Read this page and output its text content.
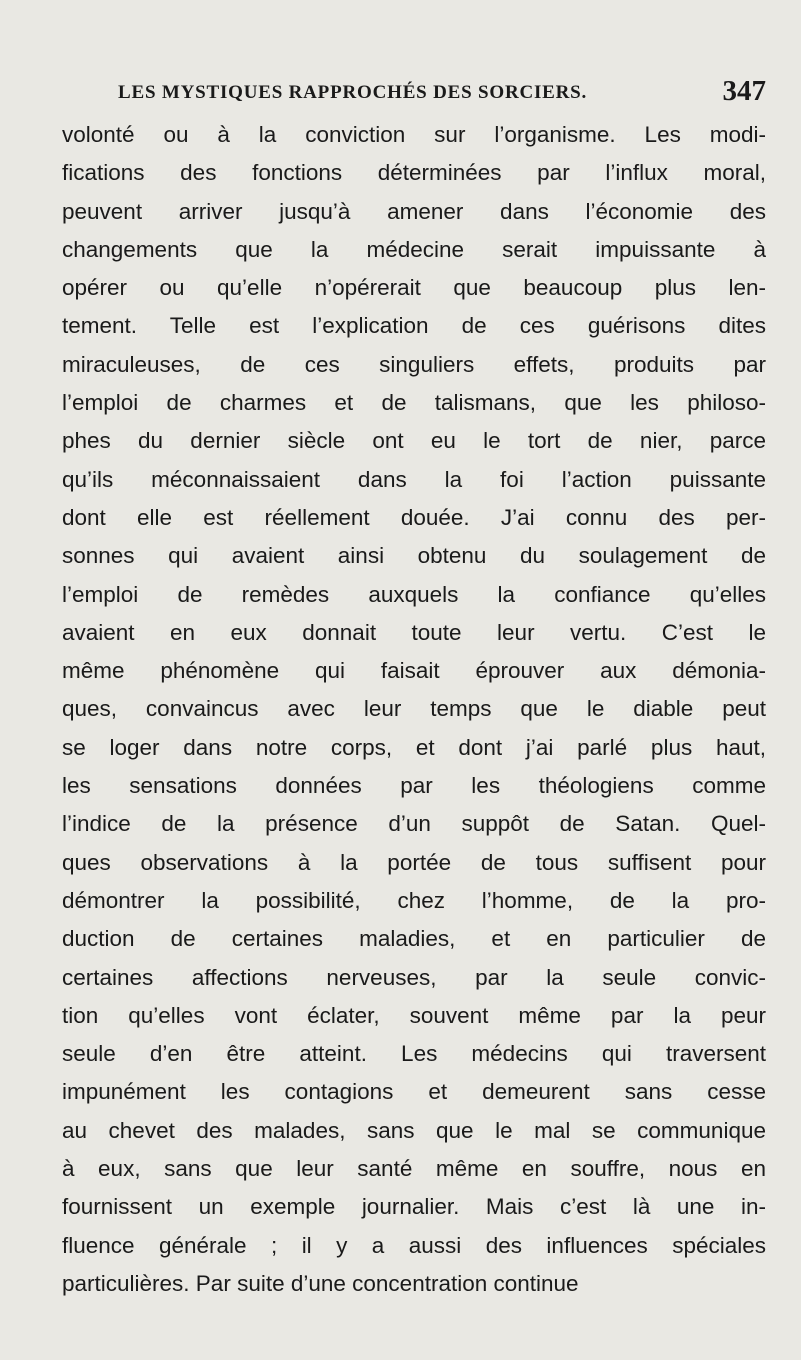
LES MYSTIQUES RAPPROCHÉS DES SORCIERS.	347
volonté ou à la conviction sur l’organisme. Les modi-
fications des fonctions déterminées par l’influx moral,
peuvent arriver jusqu’à amener dans l’économie des
changements que la médecine serait impuissante à
opérer ou qu’elle n’opérerait que beaucoup plus len-
tement. Telle est l’explication de ces guérisons dites
miraculeuses, de ces singuliers effets, produits par
l’emploi de charmes et de talismans, que les philoso-
phes du dernier siècle ont eu le tort de nier, parce
qu’ils méconnaissaient dans la foi l’action puissante
dont elle est réellement douée. J’ai connu des per-
sonnes qui avaient ainsi obtenu du soulagement de
l’emploi de remèdes auxquels la confiance qu’elles
avaient en eux donnait toute leur vertu. C’est le
même phénomène qui faisait éprouver aux démonia-
ques, convaincus avec leur temps que le diable peut
se loger dans notre corps, et dont j’ai parlé plus haut,
les sensations données par les théologiens comme
l’indice de la présence d’un suppôt de Satan. Quel-
ques observations à la portée de tous suffisent pour
démontrer la possibilité, chez l’homme, de la pro-
duction de certaines maladies, et en particulier de
certaines affections nerveuses, par la seule convic-
tion qu’elles vont éclater, souvent même par la peur
seule d’en être atteint. Les médecins qui traversent
impunément les contagions et demeurent sans cesse
au chevet des malades, sans que le mal se communique
à eux, sans que leur santé même en souffre, nous en
fournissent un exemple journalier. Mais c’est là une in-
fluence générale ; il y a aussi des influences spéciales
particulières. Par suite d’une concentration continue
